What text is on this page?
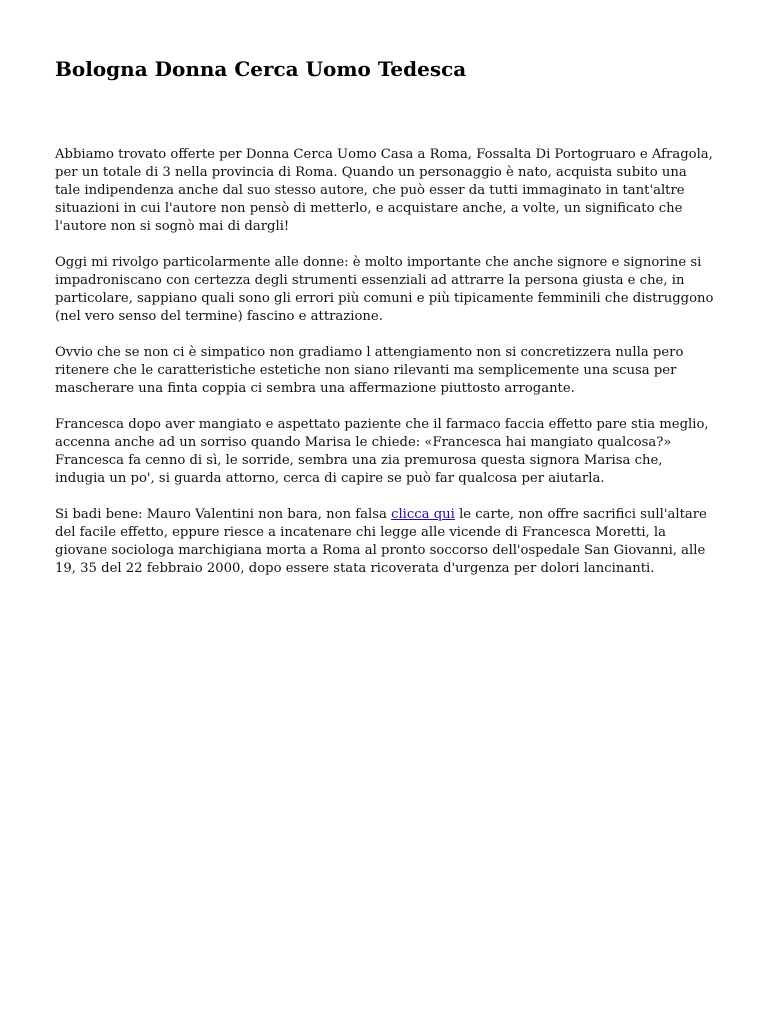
Bologna Donna Cerca Uomo Tedesca

Abbiamo trovato offerte per Donna Cerca Uomo Casa a Roma, Fossalta Di Portogruaro e Afragola, per un totale di 3 nella provincia di Roma. Quando un personaggio è nato, acquista subito una tale indipendenza anche dal suo stesso autore, che può esser da tutti immaginato in tant'altre situazioni in cui l'autore non pensò di metterlo, e acquistare anche, a volte, un significato che l'autore non si sognò mai di dargli!

Oggi mi rivolgo particolarmente alle donne: è molto importante che anche signore e signorine si impadroniscano con certezza degli strumenti essenziali ad attrarre la persona giusta e che, in particolare, sappiano quali sono gli errori più comuni e più tipicamente femminili che distruggono (nel vero senso del termine) fascino e attrazione.

Ovvio che se non ci è simpatico non gradiamo l attengiamento non si concretizzera nulla pero ritenere che le caratteristiche estetiche non siano rilevanti ma semplicemente una scusa per mascherare una finta coppia ci sembra una affermazione piuttosto arrogante.

Francesca dopo aver mangiato e aspettato paziente che il farmaco faccia effetto pare stia meglio, accenna anche ad un sorriso quando Marisa le chiede: «Francesca hai mangiato qualcosa?» Francesca fa cenno di sì, le sorride, sembra una zia premurosa questa signora Marisa che, indugia un po', si guarda attorno, cerca di capire se può far qualcosa per aiutarla.

Si badi bene: Mauro Valentini non bara, non falsa clicca qui le carte, non offre sacrifici sull'altare del facile effetto, eppure riesce a incatenare chi legge alle vicende di Francesca Moretti, la giovane sociologa marchigiana morta a Roma al pronto soccorso dell'ospedale San Giovanni, alle 19, 35 del 22 febbraio 2000, dopo essere stata ricoverata d'urgenza per dolori lancinanti.
